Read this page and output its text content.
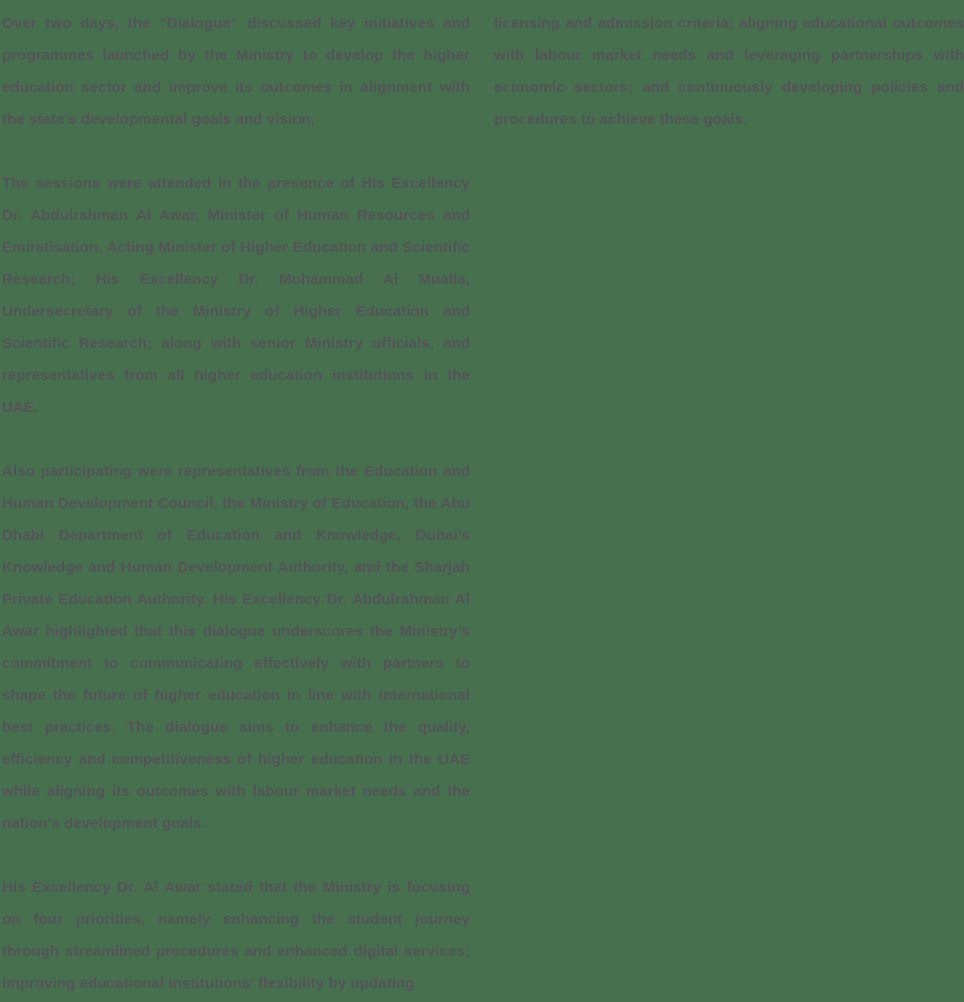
Over two days, the “Dialogue” discussed key initiatives and programmes launched by the Ministry to develop the higher education sector and improve its outcomes in alignment with the state’s developmental goals and vision.

The sessions were attended in the presence of His Excellency Dr. Abdulrahman Al Awar, Minister of Human Resources and Emiratisation, Acting Minister of Higher Education and Scientific Research; His Excellency Dr. Mohammad Al Mualla, Undersecretary of the Ministry of Higher Education and Scientific Research; along with senior Ministry officials, and representatives from all higher education institutions in the UAE.

Also participating were representatives from the Education and Human Development Council, the Ministry of Education, the Abu Dhabi Department of Education and Knowledge, Dubai’s Knowledge and Human Development Authority, and the Sharjah Private Education Authority. His Excellency Dr. Abdulrahman Al Awar highlighted that this dialogue underscores the Ministry’s commitment to communicating effectively with partners to shape the future of higher education in line with international best practices. The dialogue aims to enhance the quality, efficiency and competitiveness of higher education in the UAE while aligning its outcomes with labour market needs and the nation’s development goals.

His Excellency Dr. Al Awar stated that the Ministry is focusing on four priorities, namely enhancing the student journey through streamlined procedures and enhanced digital services; improving educational institutions’ flexibility by updating

licensing and admission criteria; aligning educational outcomes with labour market needs and leveraging partnerships with economic sectors; and continuously developing policies and procedures to achieve these goals.
